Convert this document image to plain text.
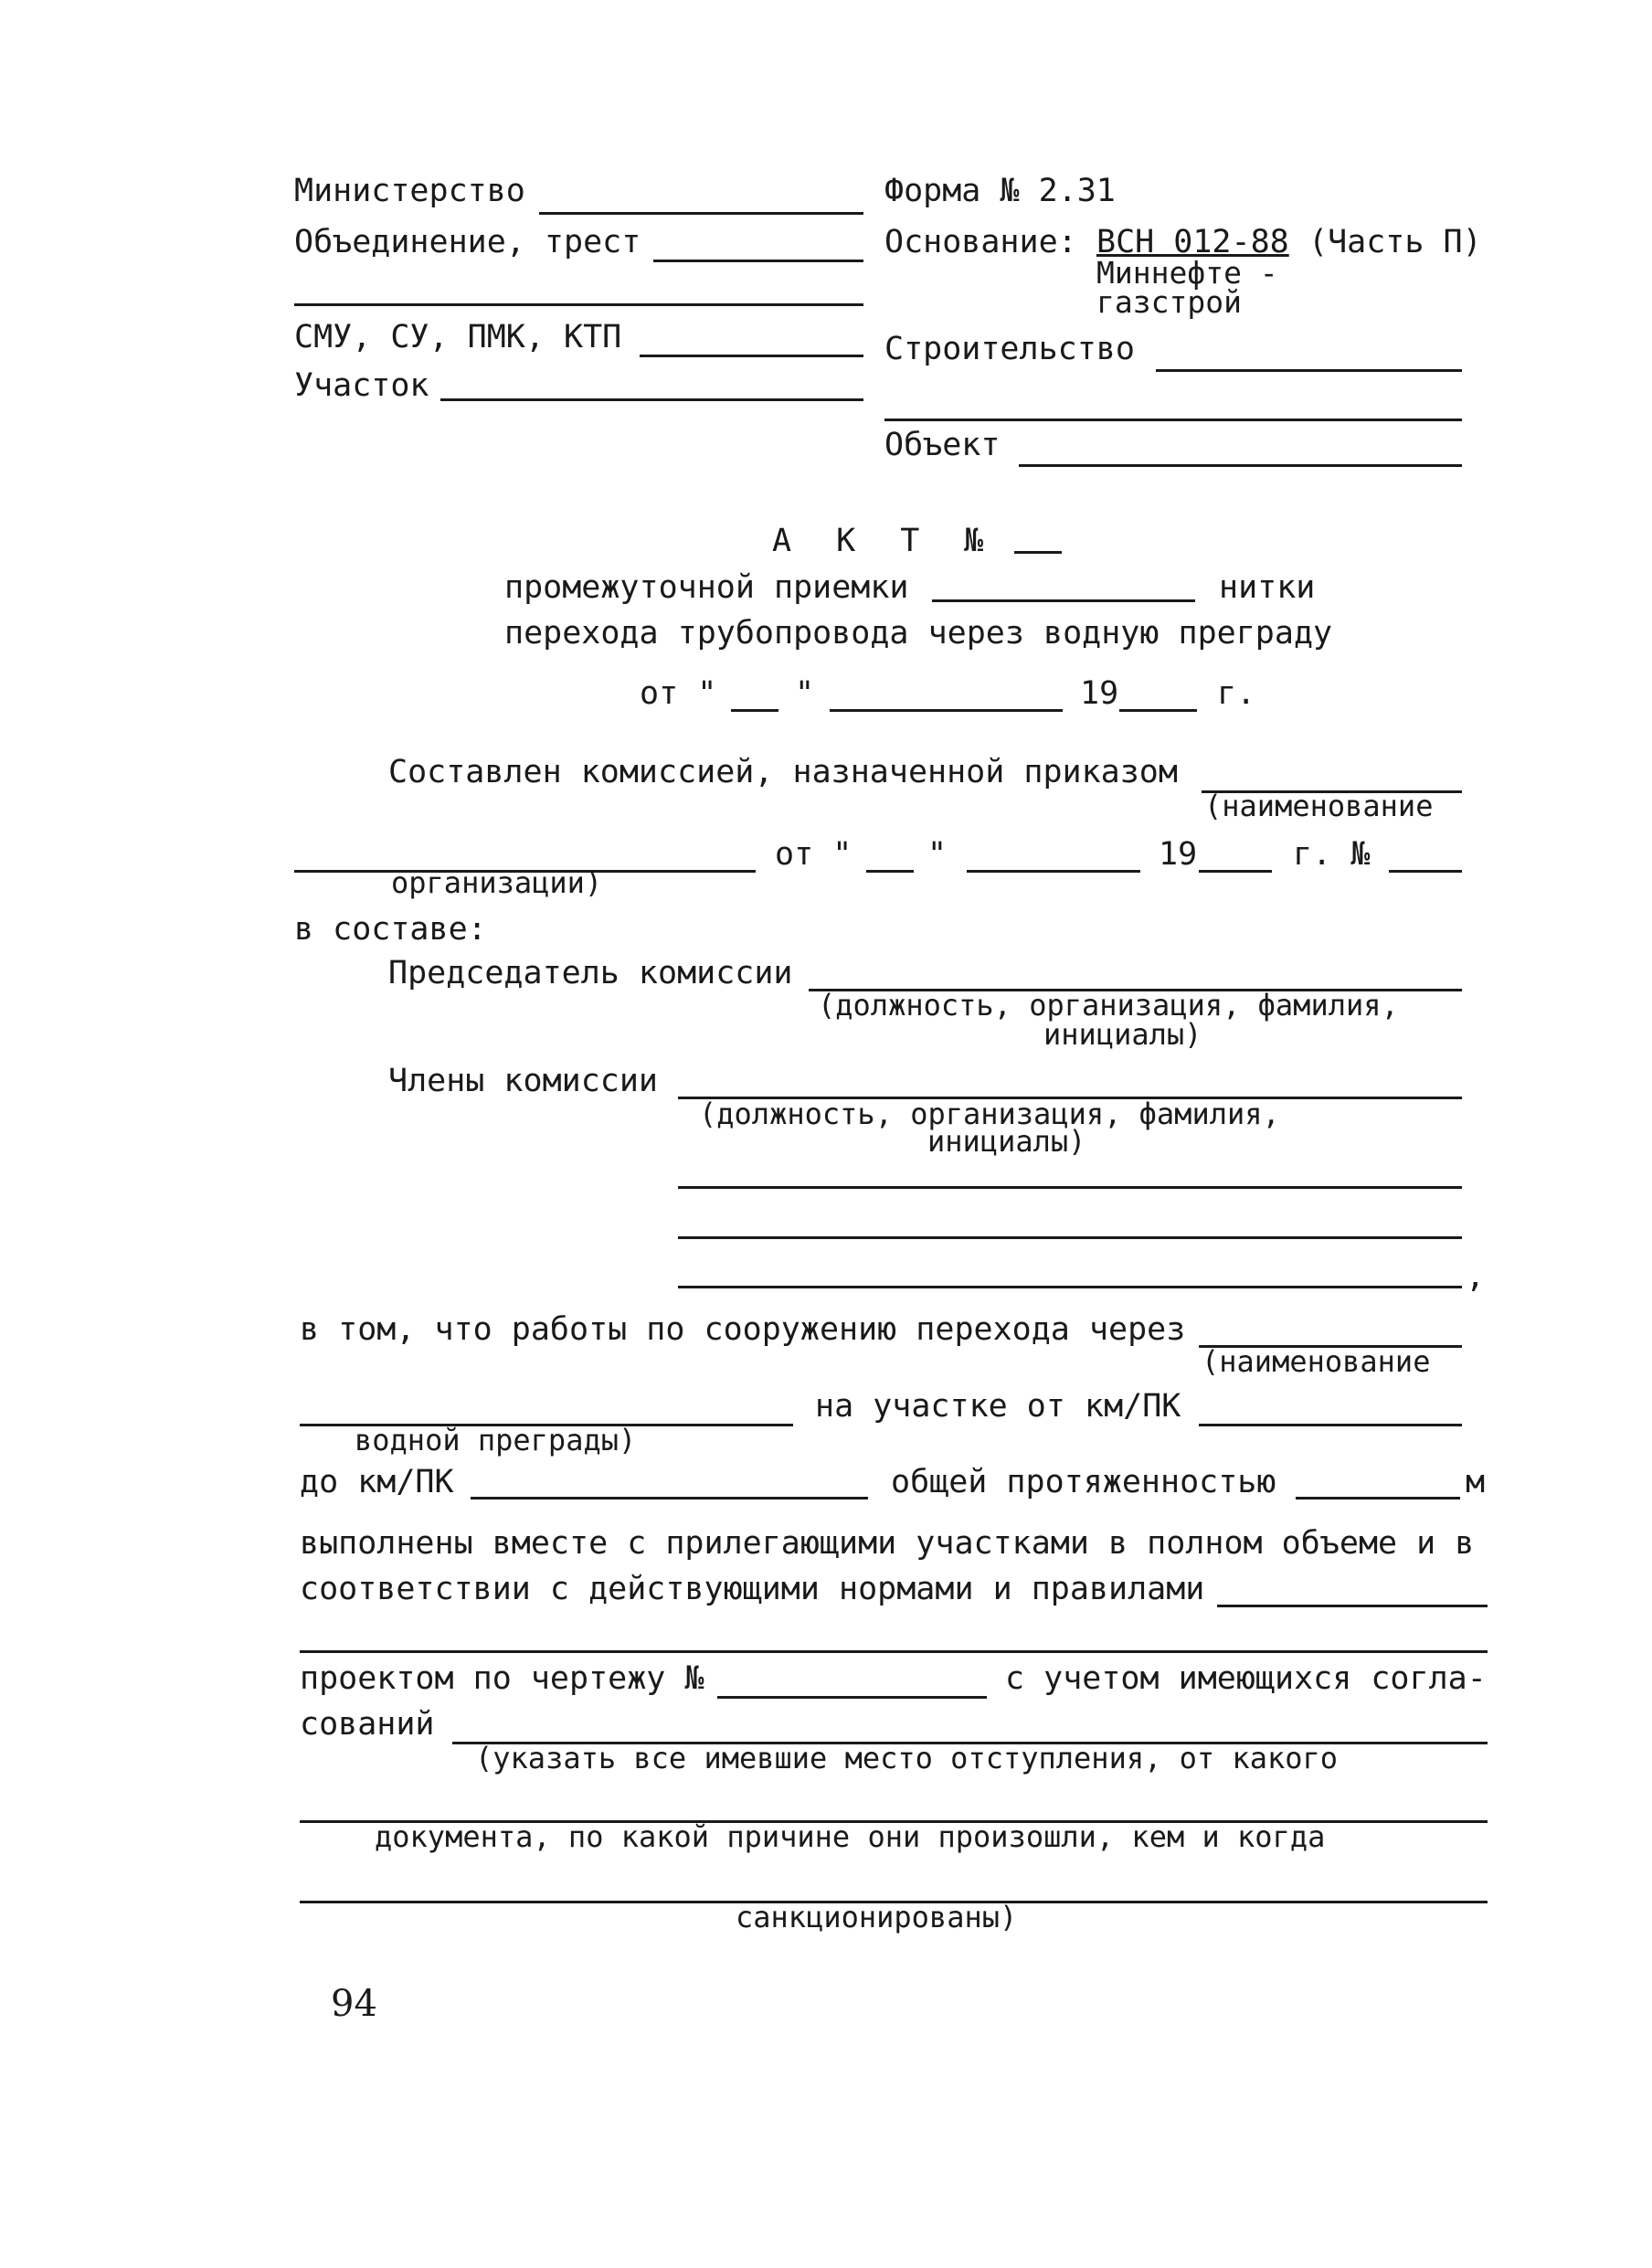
Министерство
Объединение, трест
СМУ, СУ, ПМК, КТП
Участок
Форма № 2.31
Основание: ВСН 012-88 (Часть П)
Миннефте -
газстрой
Строительство
Объект
А К Т №
промежуточной приемки	нитки
перехода трубопровода через водную преграду
от " "	19	г.
Составлен комиссией, назначенной приказом
(наименование
от " "	19	г. №
организации)
в составе:
Председатель комиссии
(должность, организация, фамилия,
инициалы)
Члены комиссии
(должность, организация, фамилия,
инициалы)
,
в том, что работы по сооружению перехода через
(наименование
на участке от км/ПК
водной преграды)
до км/ПК	общей протяженностью	м
выполнены вместе с прилегающими участками в полном объеме и в
соответствии с действующими нормами и правилами
проектом по чертежу №	с учетом имеющихся согла-
сований
(указать все имевшие место отступления, от какого
документа, по какой причине они произошли, кем и когда
санкционированы)
94
